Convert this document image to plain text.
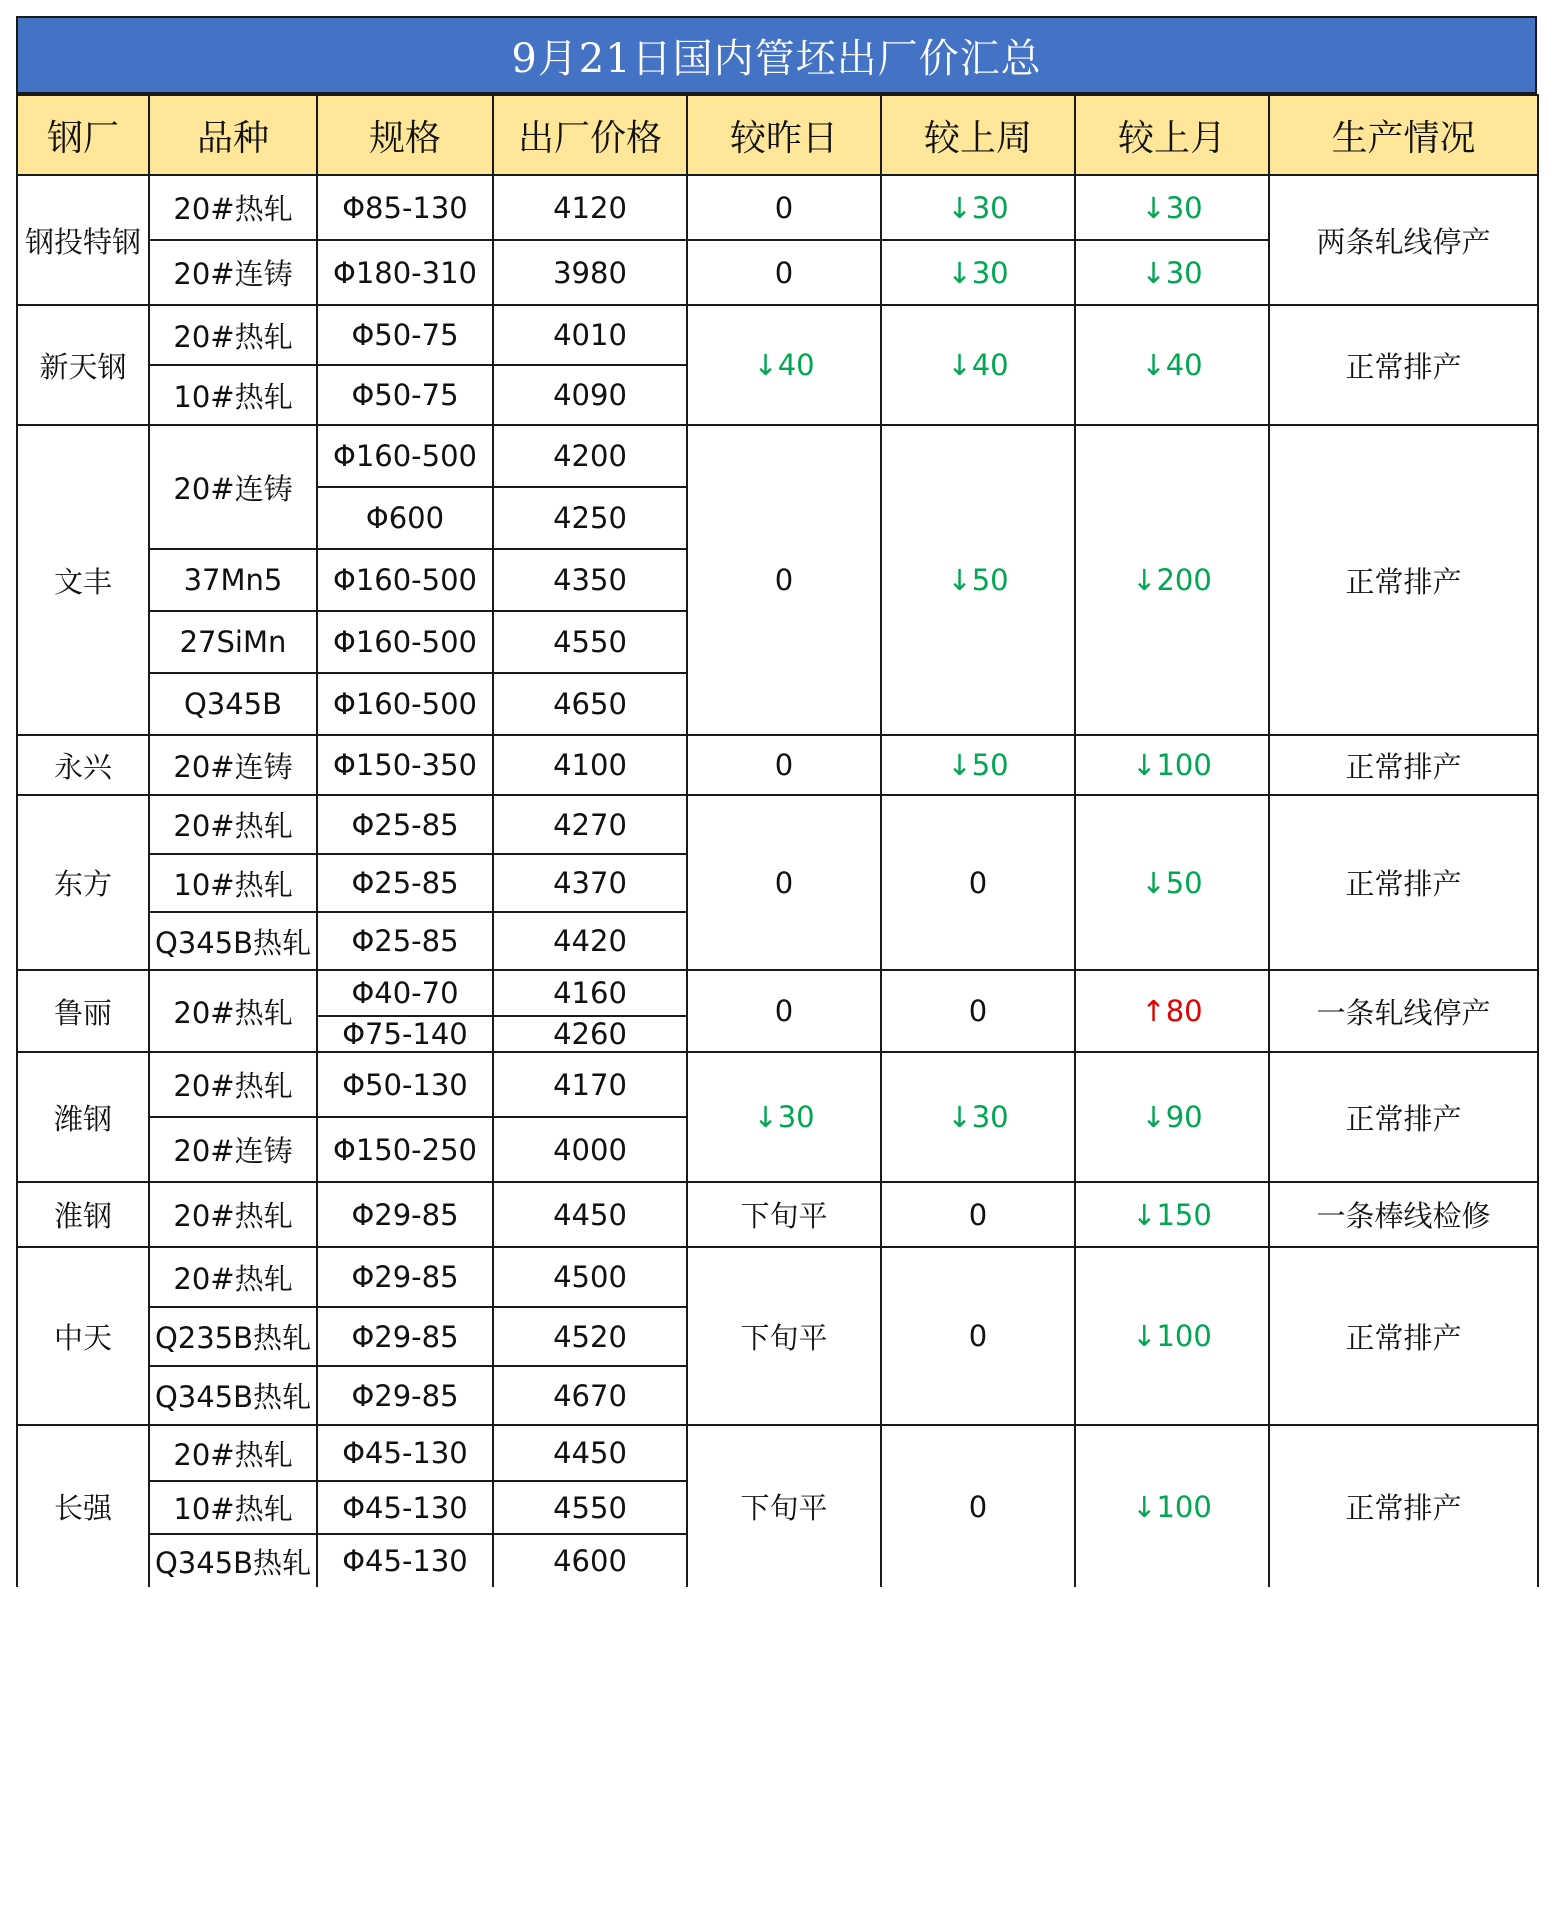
9月21日国内管坯出厂价汇总
钢厂	品种	规格	出厂价格	较昨日	较上周	较上月	生产情况
钢投特钢	20#热轧	Φ85-130	4120	0	↓30	↓30	两条轧线停产
	20#连铸	Φ180-310	3980	0	↓30	↓30	
新天钢	20#热轧	Φ50-75	4010	↓40	↓40	↓40	正常排产
	10#热轧	Φ50-75	4090				
文丰	20#连铸	Φ160-500	4200	0	↓50	↓200	正常排产
		Φ600	4250				
	37Mn5	Φ160-500	4350				
	27SiMn	Φ160-500	4550				
	Q345B	Φ160-500	4650				
永兴	20#连铸	Φ150-350	4100	0	↓50	↓100	正常排产
东方	20#热轧	Φ25-85	4270	0	0	↓50	正常排产
	10#热轧	Φ25-85	4370				
	Q345B热轧	Φ25-85	4420				
鲁丽	20#热轧	Φ40-70	4160	0	0	↑80	一条轧线停产
		Φ75-140	4260				
潍钢	20#热轧	Φ50-130	4170	↓30	↓30	↓90	正常排产
	20#连铸	Φ150-250	4000				
淮钢	20#热轧	Φ29-85	4450	下旬平	0	↓150	一条棒线检修
中天	20#热轧	Φ29-85	4500	下旬平	0	↓100	正常排产
	Q235B热轧	Φ29-85	4520				
	Q345B热轧	Φ29-85	4670				
长强	20#热轧	Φ45-130	4450	下旬平	0	↓100	正常排产
	10#热轧	Φ45-130	4550				
	Q345B热轧	Φ45-130	4600				
